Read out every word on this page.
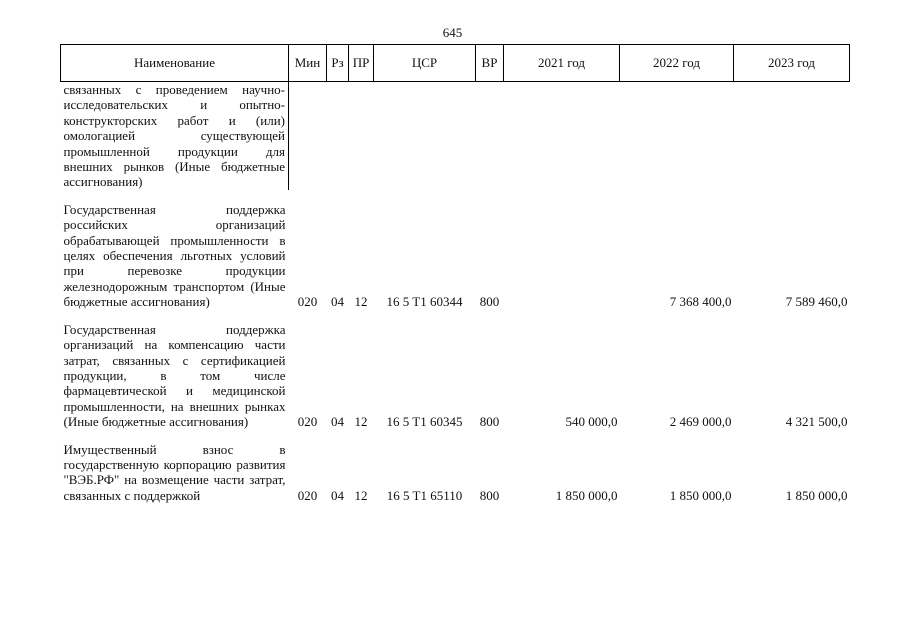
645
Наименование	Мин	Рз	ПР	ЦСР	ВР	2021 год	2022 год	2023 год
связанных с проведением научно-исследовательских и опытно-конструкторских работ и (или) омологацией существующей промышленной продукции для внешних рынков (Иные бюджетные ассигнования)								

Государственная поддержка российских организаций обрабатывающей промышленности в целях обеспечения льготных условий при перевозке продукции железнодорожным транспортом (Иные бюджетные ассигнования)	020	04	12	16 5 T1 60344	800		7 368 400,0	7 589 460,0

Государственная поддержка организаций на компенсацию части затрат, связанных с сертификацией продукции, в том числе фармацевтической и медицинской промышленности, на внешних рынках (Иные бюджетные ассигнования)	020	04	12	16 5 T1 60345	800	540 000,0	2 469 000,0	4 321 500,0

Имущественный взнос в государственную корпорацию развития "ВЭБ.РФ" на возмещение части затрат, связанных с поддержкой	020	04	12	16 5 T1 65110	800	1 850 000,0	1 850 000,0	1 850 000,0
